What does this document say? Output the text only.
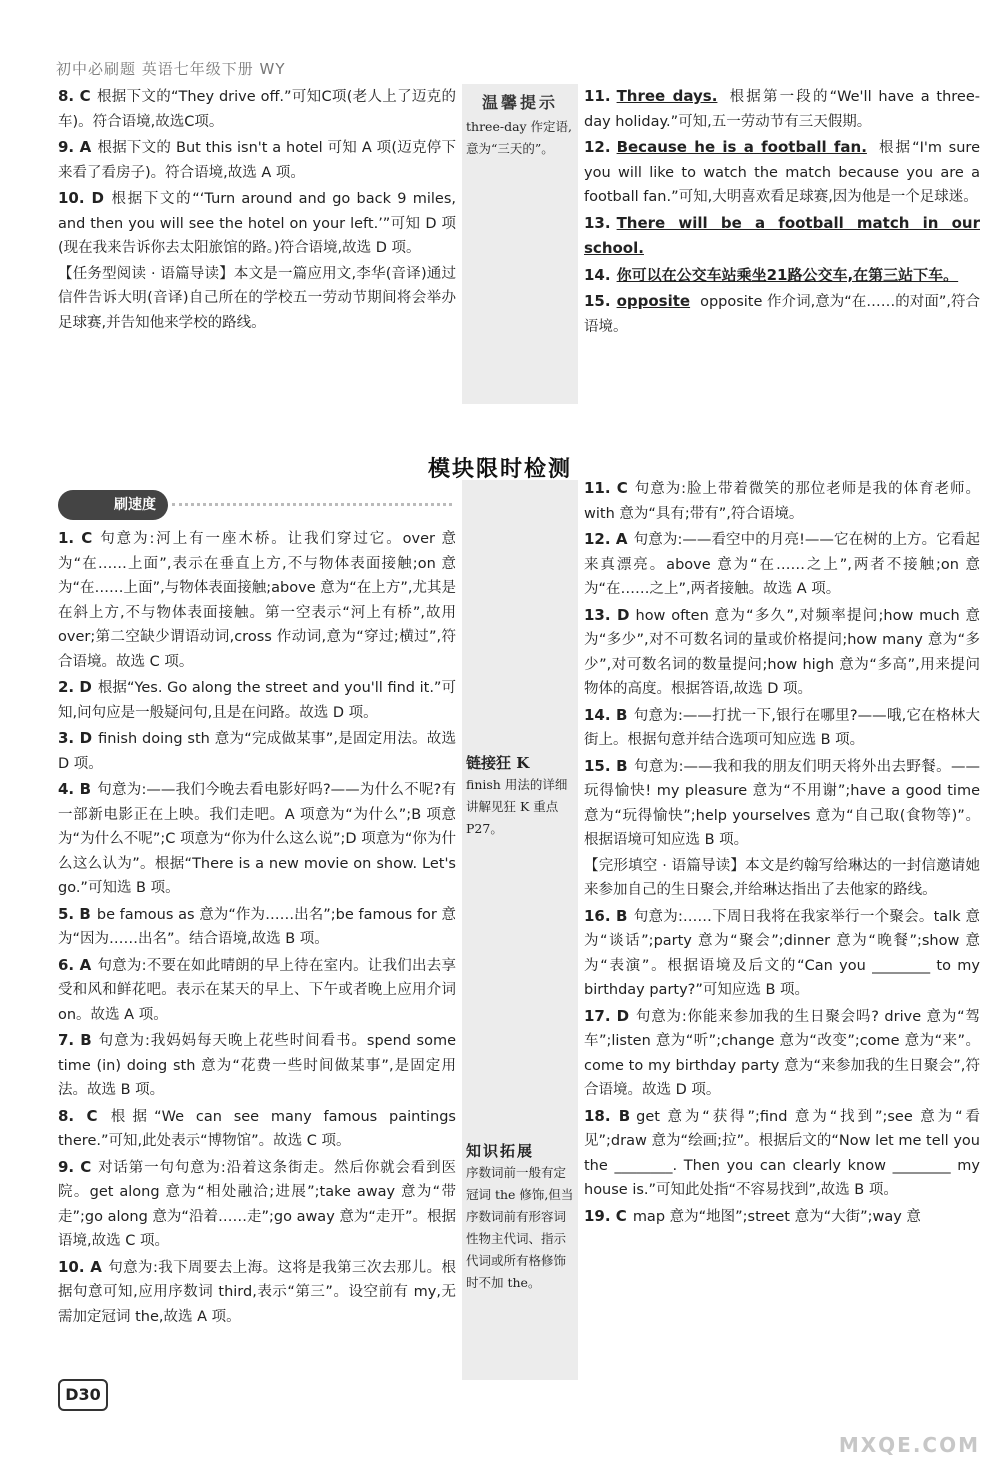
初中必刷题 英语七年级下册 WY
温馨提示
three-day 作定语,意为“三天的”。
8. C 根据下文的“They drive off.”可知C项(老人上了迈克的车)。符合语境,故选C项。
9. A 根据下文的 But this isn't a hotel 可知 A 项(迈克停下来看了看房子)。符合语境,故选 A 项。
10. D 根据下文的“‘Turn around and go back 9 miles, and then you will see the hotel on your left.’”可知 D 项(现在我来告诉你去太阳旅馆的路。)符合语境,故选 D 项。
【任务型阅读 · 语篇导读】本文是一篇应用文,李华(音译)通过信件告诉大明(音译)自己所在的学校五一劳动节期间将会举办足球赛,并告知他来学校的路线。
11. Three days. 根据第一段的“We'll have a three-day holiday.”可知,五一劳动节有三天假期。
12. Because he is a football fan. 根据“I'm sure you will like to watch the match because you are a football fan.”可知,大明喜欢看足球赛,因为他是一个足球迷。
13. There will be a football match in our school.

14. 你可以在公交车站乘坐21路公交车,在第三站下车。

15. opposite opposite 作介词,意为“在……的对面”,符合语境。
模块限时检测
刷速度
1. C 句意为:河上有一座木桥。让我们穿过它。over 意为“在……上面”,表示在垂直上方,不与物体表面接触;on 意为“在……上面”,与物体表面接触;above 意为“在上方”,尤其是在斜上方,不与物体表面接触。第一空表示“河上有桥”,故用 over;第二空缺少谓语动词,cross 作动词,意为“穿过;横过”,符合语境。故选 C 项。
2. D 根据“Yes. Go along the street and you'll find it.”可知,问句应是一般疑问句,且是在问路。故选 D 项。
3. D finish doing sth 意为“完成做某事”,是固定用法。故选 D 项。
4. B 句意为:——我们今晚去看电影好吗?——为什么不呢?有一部新电影正在上映。我们走吧。A 项意为“为什么”;B 项意为“为什么不呢”;C 项意为“你为什么这么说”;D 项意为“你为什么这么认为”。根据“There is a new movie on show. Let's go.”可知选 B 项。
5. B be famous as 意为“作为……出名”;be famous for 意为“因为……出名”。结合语境,故选 B 项。
6. A 句意为:不要在如此晴朗的早上待在室内。让我们出去享受和风和鲜花吧。表示在某天的早上、下午或者晚上应用介词 on。故选 A 项。
7. B 句意为:我妈妈每天晚上花些时间看书。spend some time (in) doing sth 意为“花费一些时间做某事”,是固定用法。故选 B 项。
8. C 根据“We can see many famous paintings there.”可知,此处表示“博物馆”。故选 C 项。
9. C 对话第一句句意为:沿着这条街走。然后你就会看到医院。get along 意为“相处融洽;进展”;take away 意为“带走”;go along 意为“沿着……走”;go away 意为“走开”。根据语境,故选 C 项。
10. A 句意为:我下周要去上海。这将是我第三次去那儿。根据句意可知,应用序数词 third,表示“第三”。设空前有 my,无需加定冠词 the,故选 A 项。
链接狂 K
finish 用法的详细讲解见狂 K 重点 P27。
知识拓展
序数词前一般有定冠词 the 修饰,但当序数词前有形容词性物主代词、指示代词或所有格修饰时不加 the。
11. C 句意为:脸上带着微笑的那位老师是我的体育老师。with 意为“具有;带有”,符合语境。
12. A 句意为:——看空中的月亮!——它在树的上方。它看起来真漂亮。above 意为“在……之上”,两者不接触;on 意为“在……之上”,两者接触。故选 A 项。
13. D how often 意为“多久”,对频率提问;how much 意为“多少”,对不可数名词的量或价格提问;how many 意为“多少”,对可数名词的数量提问;how high 意为“多高”,用来提问物体的高度。根据答语,故选 D 项。
14. B 句意为:——打扰一下,银行在哪里?——哦,它在格林大街上。根据句意并结合选项可知应选 B 项。
15. B 句意为:——我和我的朋友们明天将外出去野餐。——玩得愉快! my pleasure 意为“不用谢”;have a good time 意为“玩得愉快”;help yourselves 意为“自己取(食物等)”。根据语境可知应选 B 项。
【完形填空 · 语篇导读】本文是约翰写给琳达的一封信邀请她来参加自己的生日聚会,并给琳达指出了去他家的路线。
16. B 句意为:……下周日我将在我家举行一个聚会。talk 意为“谈话”;party 意为“聚会”;dinner 意为“晚餐”;show 意为“表演”。根据语境及后文的“Can you ________ to my birthday party?”可知应选 B 项。
17. D 句意为:你能来参加我的生日聚会吗? drive 意为“驾车”;listen 意为“听”;change 意为“改变”;come 意为“来”。come to my birthday party 意为“来参加我的生日聚会”,符合语境。故选 D 项。
18. B get 意为“获得”;find 意为“找到”;see 意为“看见”;draw 意为“绘画;拉”。根据后文的“Now let me tell you the ________. Then you can clearly know ________ my house is.”可知此处指“不容易找到”,故选 B 项。
19. C map 意为“地图”;street 意为“大街”;way 意
D30
MXQE.COM
